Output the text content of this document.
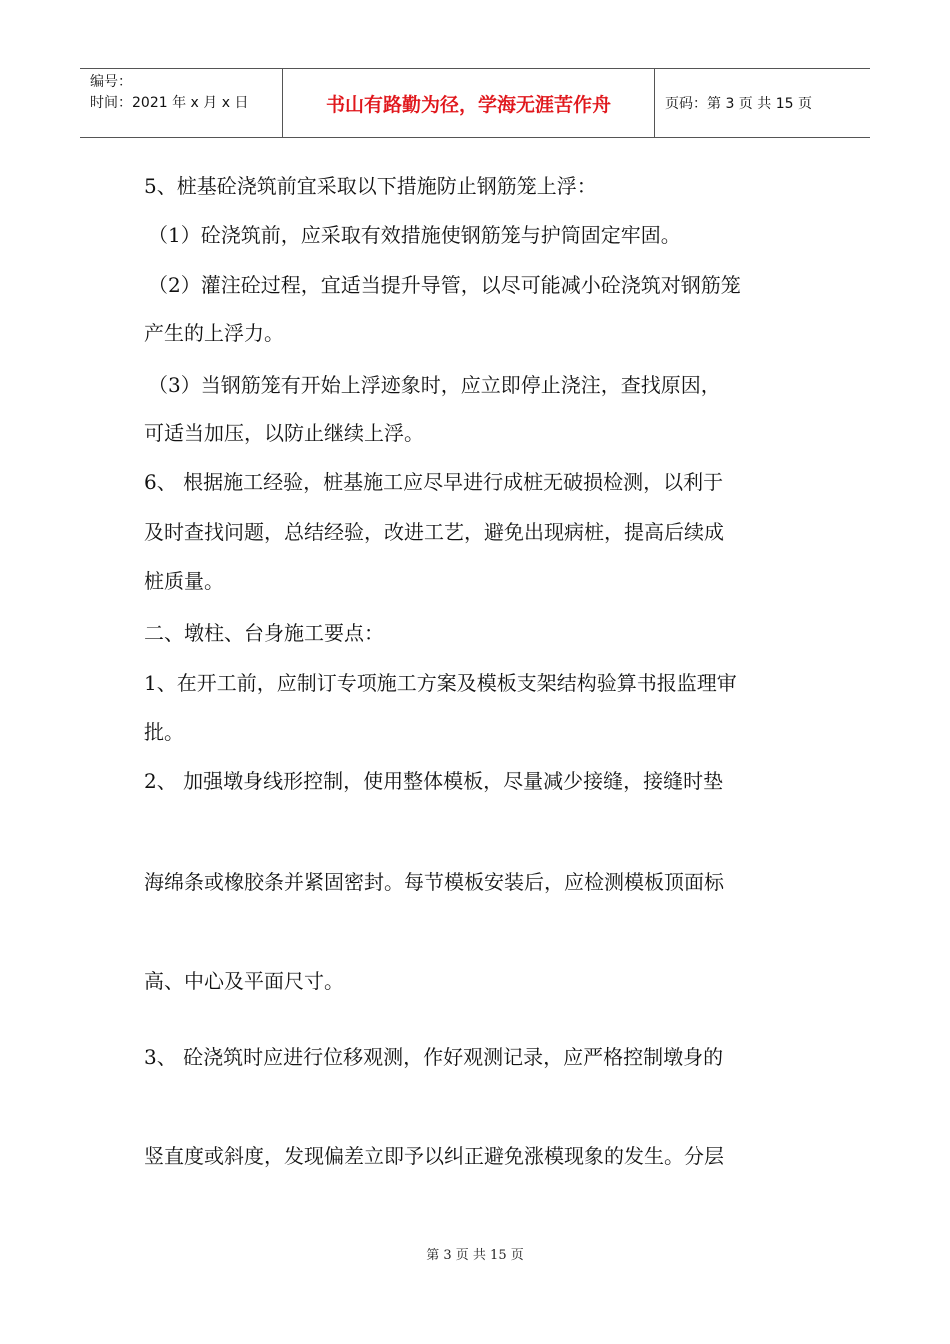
编号：
时间：2021 年 x 月 x 日	书山有路勤为径，学海无涯苦作舟	页码：第 3 页 共 15 页
5、桩基砼浇筑前宜采取以下措施防止钢筋笼上浮：
（1）砼浇筑前，应采取有效措施使钢筋笼与护筒固定牢固。
（2）灌注砼过程，宜适当提升导管，以尽可能减小砼浇筑对钢筋笼
产生的上浮力。
（3）当钢筋笼有开始上浮迹象时，应立即停止浇注，查找原因，
可适当加压，以防止继续上浮。
6、 根据施工经验，桩基施工应尽早进行成桩无破损检测，以利于
及时查找问题，总结经验，改进工艺，避免出现病桩，提高后续成
桩质量。
二、墩柱、台身施工要点：
1、在开工前，应制订专项施工方案及模板支架结构验算书报监理审
批。
2、 加强墩身线形控制，使用整体模板，尽量减少接缝，接缝时垫
海绵条或橡胶条并紧固密封。每节模板安装后，应检测模板顶面标
高、中心及平面尺寸。
3、 砼浇筑时应进行位移观测，作好观测记录，应严格控制墩身的
竖直度或斜度，发现偏差立即予以纠正避免涨模现象的发生。分层
第 3 页 共 15 页
